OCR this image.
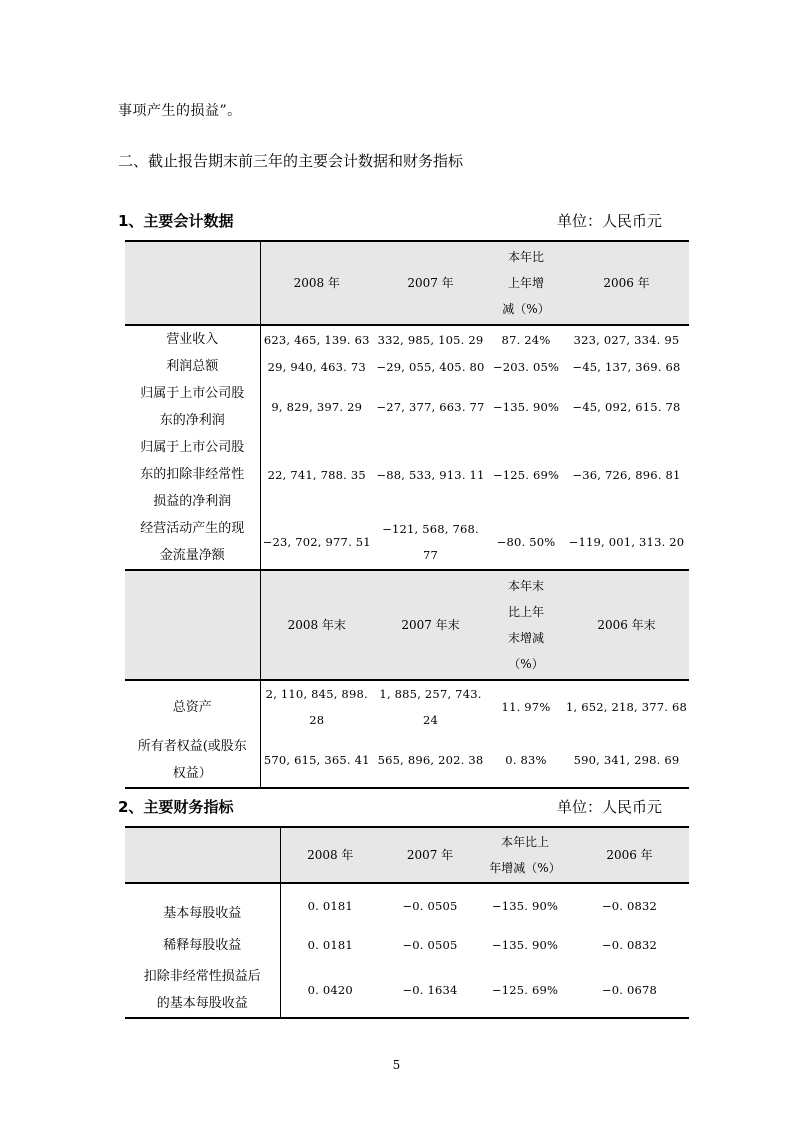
事项产生的损益”。
二、截止报告期末前三年的主要会计数据和财务指标
1、主要会计数据	单位：人民币元
	2008 年	2007 年	本年比
上年增
减（%）	2006 年
营业收入	623, 465, 139. 63	332, 985, 105. 29	87. 24%	323, 027, 334. 95
利润总额	29, 940, 463. 73	−29, 055, 405. 80	−203. 05%	−45, 137, 369. 68

归属于上市公司股
东的净利润	9, 829, 397. 29	−27, 377, 663. 77	−135. 90%	−45, 092, 615. 78

归属于上市公司股
东的扣除非经常性
损益的净利润	22, 741, 788. 35	−88, 533, 913. 11	−125. 69%	−36, 726, 896. 81

经营活动产生的现
金流量净额	−23, 702, 977. 51	−121, 568, 768. 77	−80. 50%	−119, 001, 313. 20
	2008 年末	2007 年末	本年末
比上年
末增减
（%）	2006 年末
总资产	2, 110, 845, 898. 28	1, 885, 257, 743. 24	11. 97%	1, 652, 218, 377. 68

所有者权益(或股东
权益）	570, 615, 365. 41	565, 896, 202. 38	0. 83%	590, 341, 298. 69
2、主要财务指标	单位：人民币元
	2008 年	2007 年	本年比上
年增减（%）	2006 年
基本每股收益	0. 0181	−0. 0505	−135. 90%	−0. 0832
稀释每股收益	0. 0181	−0. 0505	−135. 90%	−0. 0832

扣除非经常性损益后
的基本每股收益	0. 0420	−0. 1634	−125. 69%	−0. 0678
5
